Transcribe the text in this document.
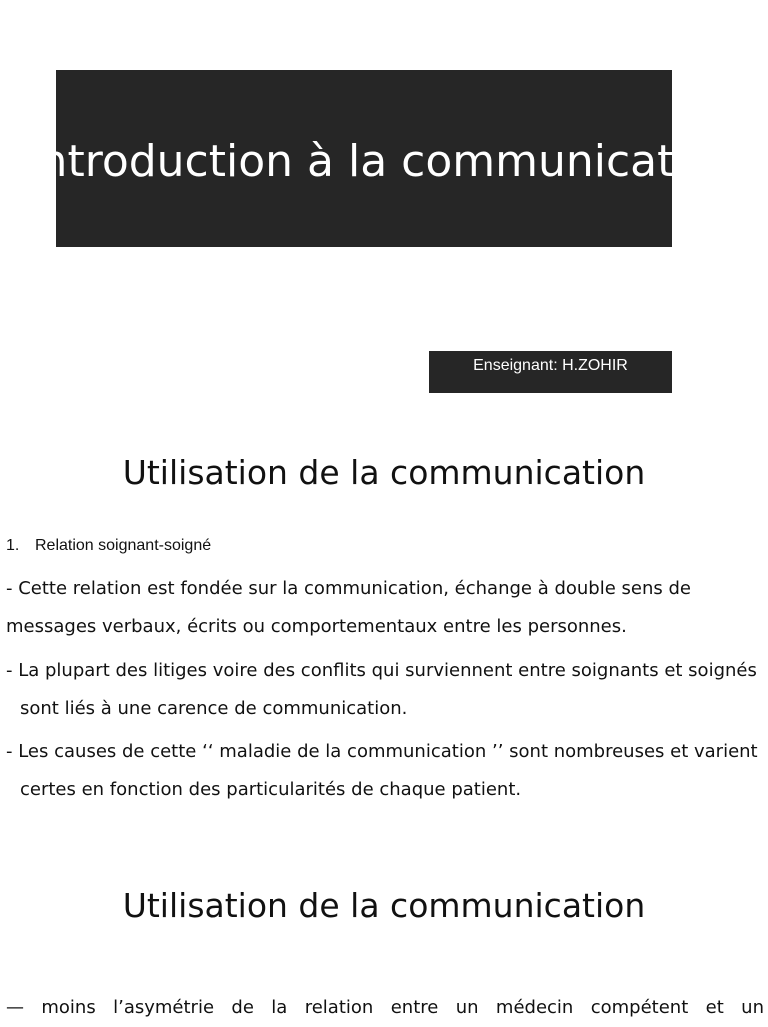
Introduction à la communication
Enseignant: H.ZOHIR
Utilisation de la communication
1. Relation soignant-soigné

- Cette relation est fondée sur la communication, échange à double sens de messages verbaux, écrits ou comportementaux entre les personnes.

- La plupart des litiges voire des conflits qui surviennent entre soignants et soignés sont liés à une carence de communication.

- Les causes de cette ‘‘ maladie de la communication ’’ sont nombreuses et varient certes en fonction des particularités de chaque patient.

Utilisation de la communication

— moins l’asymétrie de la relation entre un médecin compétent et un
